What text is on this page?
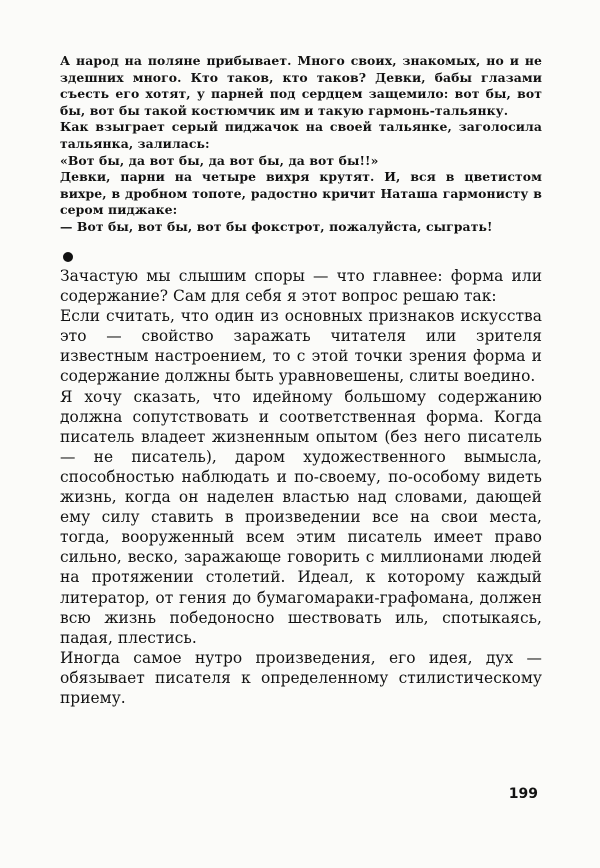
А народ на поляне прибывает. Много своих, знакомых, но и не здешних много. Кто таков, кто таков? Девки, бабы глазами съесть его хотят, у парней под сердцем защемило: вот бы, вот бы, вот бы такой костюмчик им и такую гармонь-тальянку.

Как взыграет серый пиджачок на своей тальянке, заголосила тальянка, залилась:

«Вот бы, да вот бы, да вот бы, да вот бы!!»

Девки, парни на четыре вихря крутят. И, вся в цветистом вихре, в дробном топоте, радостно кричит Наташа гармонисту в сером пиджаке:

— Вот бы, вот бы, вот бы фокстрот, пожалуйста, сыграть!

Зачастую мы слышим споры — что главнее: форма или содержание? Сам для себя я этот вопрос решаю так:

Если считать, что один из основных признаков искусства это — свойство заражать читателя или зрителя известным настроением, то с этой точки зрения форма и содержание должны быть уравновешены, слиты воедино.

Я хочу сказать, что идейному большому содержанию должна сопутствовать и соответственная форма. Когда писатель владеет жизненным опытом (без него писатель — не писатель), даром художественного вымысла, способностью наблюдать и по-своему, по-особому видеть жизнь, когда он наделен властью над словами, дающей ему силу ставить в произведении все на свои места, тогда, вооруженный всем этим писатель имеет право сильно, веско, заражающе говорить с миллионами людей на протяжении столетий. Идеал, к которому каждый литератор, от гения до бумагомараки-графомана, должен всю жизнь победоносно шествовать иль, спотыкаясь, падая, плестись.

Иногда самое нутро произведения, его идея, дух — обязывает писателя к определенному стилистическому приему.

199
